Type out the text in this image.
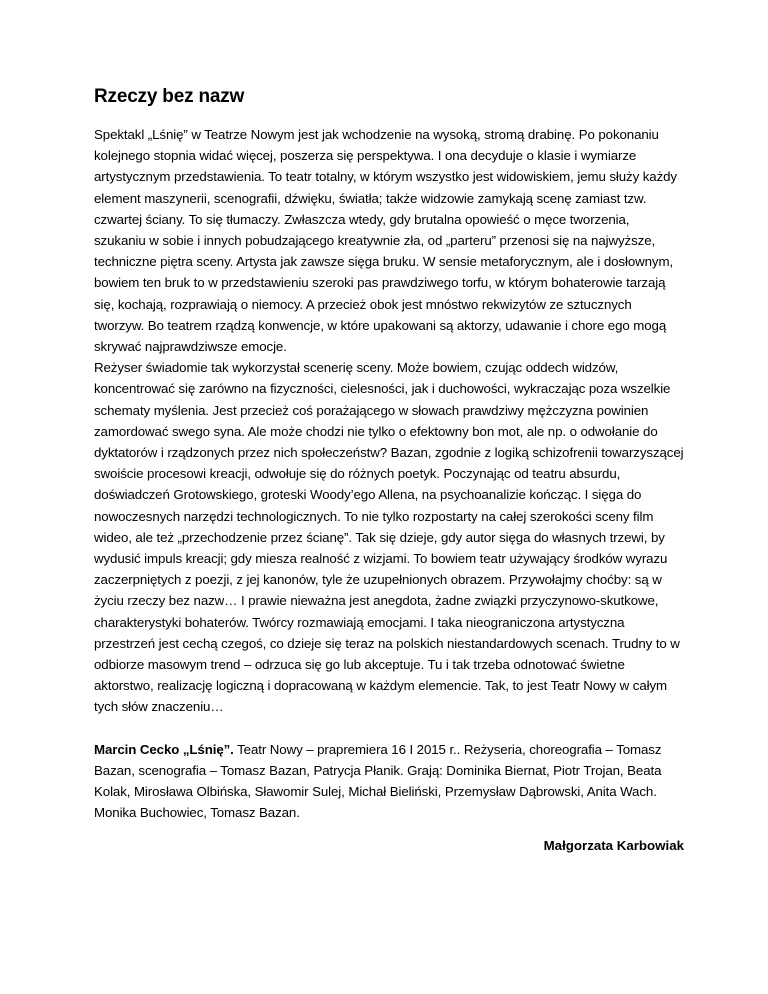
Rzeczy bez nazw

Spektakl „Lśnię” w Teatrze Nowym jest jak wchodzenie na wysoką, stromą drabinę. Po pokonaniu kolejnego stopnia widać więcej, poszerza się perspektywa. I ona decyduje o klasie i wymiarze artystycznym przedstawienia. To teatr totalny, w którym wszystko jest widowiskiem, jemu służy każdy element maszynerii, scenografii, dźwięku, światła; także widzowie zamykają scenę zamiast tzw. czwartej ściany. To się tłumaczy. Zwłaszcza wtedy, gdy brutalna opowieść o męce tworzenia, szukaniu w sobie i innych pobudzającego kreatywnie zła, od „parteru” przenosi się na najwyższe, techniczne piętra sceny. Artysta jak zawsze sięga bruku. W sensie metaforycznym, ale i dosłownym, bowiem ten bruk to w przedstawieniu szeroki pas prawdziwego torfu, w którym bohaterowie tarzają się, kochają, rozprawiają o niemocy. A przecież obok jest mnóstwo rekwizytów ze sztucznych tworzyw. Bo teatrem rządzą konwencje, w które upakowani są aktorzy, udawanie i chore ego mogą skrywać najprawdziwsze emocje.

Reżyser świadomie tak wykorzystał scenerię sceny. Może bowiem, czując oddech widzów, koncentrować się zarówno na fizyczności, cielesności, jak i duchowości, wykraczając poza wszelkie schematy myślenia. Jest przecież coś porażającego w słowach prawdziwy mężczyzna powinien zamordować swego syna. Ale może chodzi nie tylko o efektowny bon mot, ale np. o odwołanie do dyktatorów i rządzonych przez nich społeczeństw? Bazan, zgodnie z logiką schizofrenii towarzyszącej swoiście procesowi kreacji, odwołuje się do różnych poetyk. Poczynając od teatru absurdu, doświadczeń Grotowskiego, groteski Woody’ego Allena, na psychoanalizie kończąc. I sięga do nowoczesnych narzędzi technologicznych. To nie tylko rozpostarty na całej szerokości sceny film wideo, ale też „przechodzenie przez ścianę”. Tak się dzieje, gdy autor sięga do własnych trzewi, by wydusić impuls kreacji; gdy miesza realność z wizjami. To bowiem teatr używający środków wyrazu zaczerpniętych z poezji, z jej kanonów, tyle że uzupełnionych obrazem. Przywołajmy choćby: są w życiu rzeczy bez nazw… I prawie nieważna jest anegdota, żadne związki przyczynowo-skutkowe, charakterystyki bohaterów. Twórcy rozmawiają emocjami. I taka nieograniczona artystyczna przestrzeń jest cechą czegoś, co dzieje się teraz na polskich niestandardowych scenach. Trudny to w odbiorze masowym trend – odrzuca się go lub akceptuje. Tu i tak trzeba odnotować świetne aktorstwo, realizację logiczną i dopracowaną w każdym elemencie. Tak, to jest Teatr Nowy w całym tych słów znaczeniu…

Marcin Cecko „Lśnię”. Teatr Nowy – prapremiera 16 I 2015 r.. Reżyseria, choreografia – Tomasz Bazan, scenografia – Tomasz Bazan, Patrycja Płanik. Grają: Dominika Biernat, Piotr Trojan, Beata Kolak, Mirosława Olbińska, Sławomir Sulej, Michał Bieliński, Przemysław Dąbrowski, Anita Wach. Monika Buchowiec, Tomasz Bazan.

Małgorzata Karbowiak
